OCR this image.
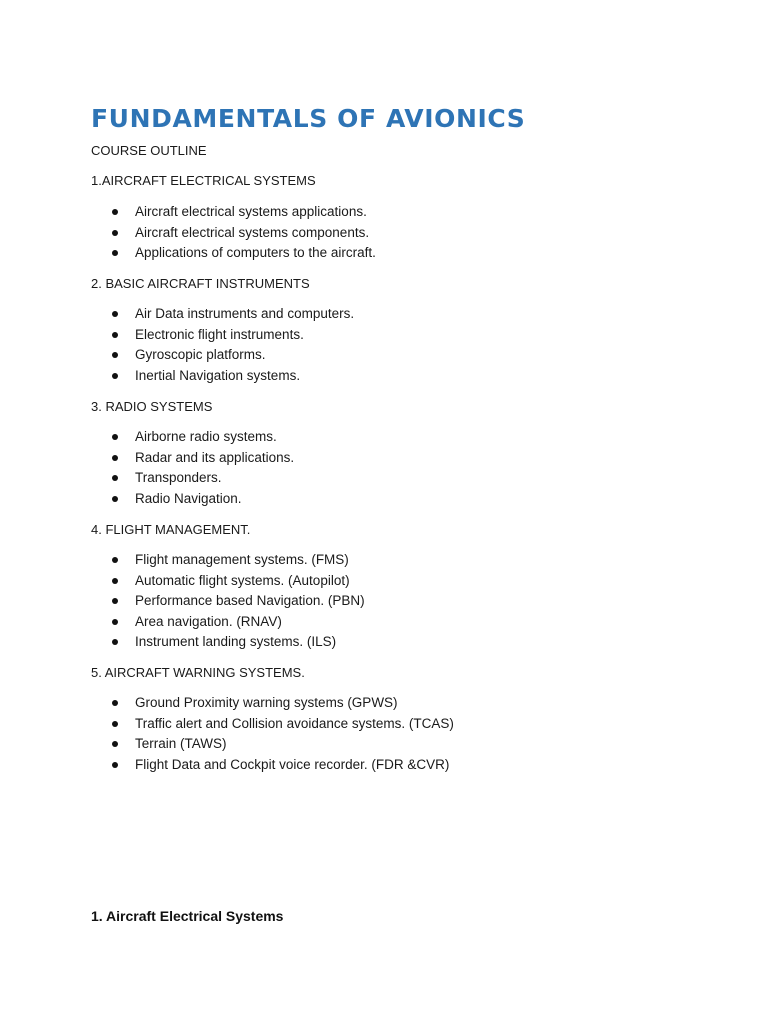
FUNDAMENTALS OF AVIONICS
COURSE OUTLINE
1.AIRCRAFT ELECTRICAL SYSTEMS
Aircraft electrical systems applications.
Aircraft electrical systems components.
Applications of computers to the aircraft.
2. BASIC AIRCRAFT INSTRUMENTS
Air Data instruments and computers.
Electronic flight instruments.
Gyroscopic platforms.
Inertial Navigation systems.
3. RADIO SYSTEMS
Airborne radio systems.
Radar and its applications.
Transponders.
Radio Navigation.
4. FLIGHT MANAGEMENT.
Flight management systems. (FMS)
Automatic flight systems. (Autopilot)
Performance based Navigation. (PBN)
Area navigation. (RNAV)
Instrument landing systems. (ILS)
5. AIRCRAFT WARNING SYSTEMS.
Ground Proximity warning systems (GPWS)
Traffic alert and Collision avoidance systems. (TCAS)
Terrain (TAWS)
Flight Data and Cockpit voice recorder. (FDR &CVR)
1. Aircraft Electrical Systems
